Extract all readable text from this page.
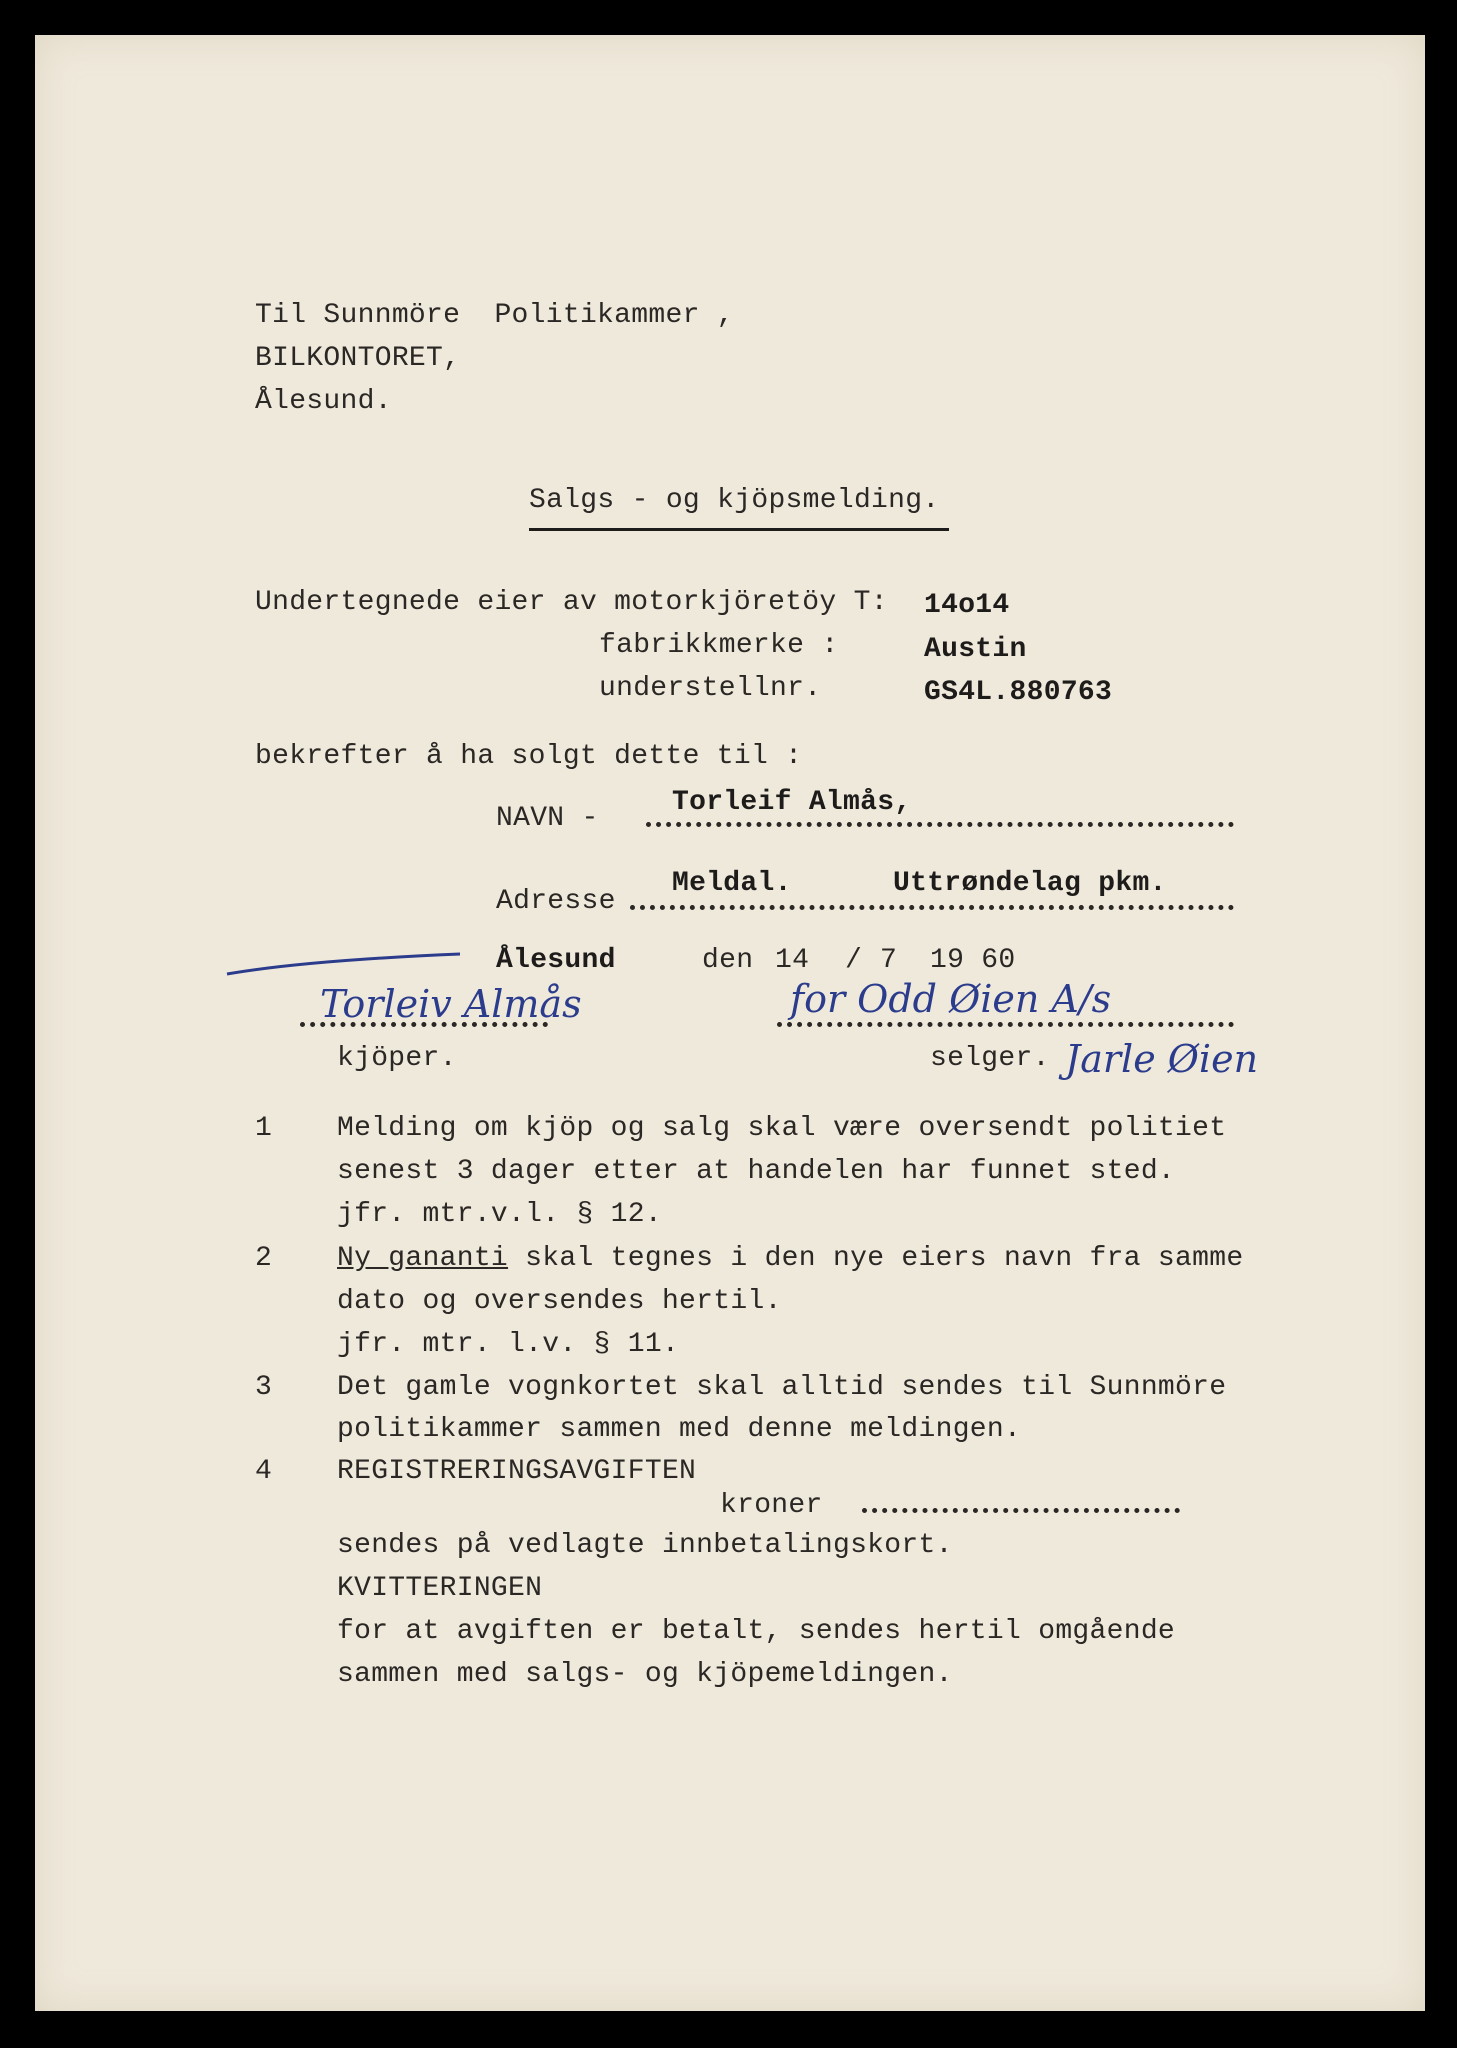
Til Sunnmöre  Politikammer ,
BILKONTORET,
Ålesund.
Salgs - og kjöpsmelding.
Undertegnede eier av motorkjöretöy T: 14o14
fabrikkmerke :	Austin
understellnr.	GS4L.880763
bekrefter å ha solgt dette til :
NAVN -
Torleif Almås,
Adresse
Meldal.	Uttrøndelag pkm.
Ålesund	den 14 / 7 19 60
Torleiv Almås	for Odd Øien A/s
kjöper.	selger. Jarle Øien
1 Melding om kjöp og salg skal være oversendt politiet
senest 3 dager etter at handelen har funnet sted.
jfr. mtr.v.l. § 12.
2 Ny gananti skal tegnes i den nye eiers navn fra samme
dato og oversendes hertil.
jfr. mtr. l.v. § 11.
3 Det gamle vognkortet skal alltid sendes til Sunnmöre
politikammer sammen med denne meldingen.
4 REGISTRERINGSAVGIFTEN
kroner
sendes på vedlagte innbetalingskort.
KVITTERINGEN
for at avgiften er betalt, sendes hertil omgående
sammen med salgs- og kjöpemeldingen.
